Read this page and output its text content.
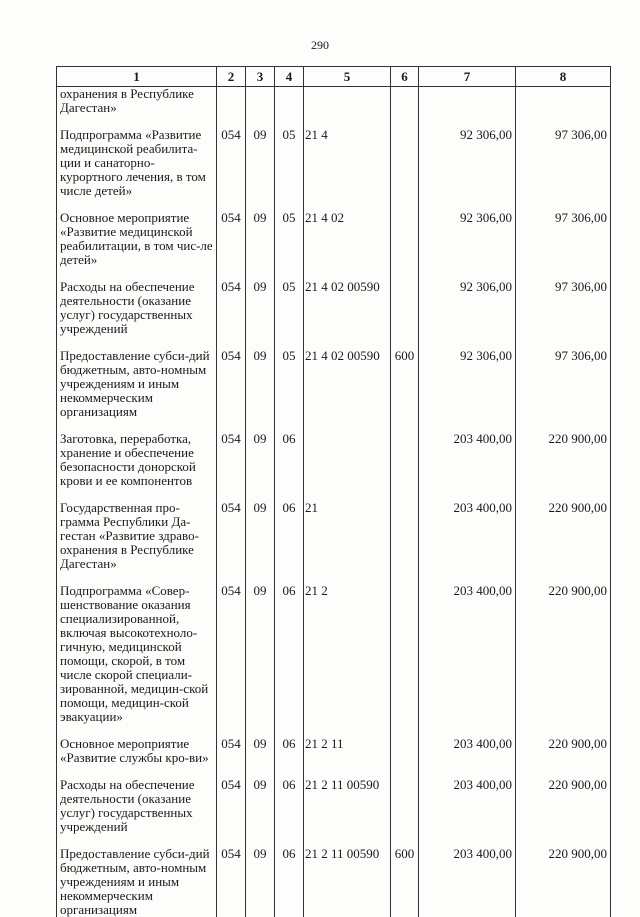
290
1	2	3	4	5	6	7	8
охранения в Республике Дагестан»							

Подпрограмма «Развитие медицинской реабилита-ции и санаторно-курортного лечения, в том числе детей»	054	09	05	21 4		92 306,00	97 306,00

Основное мероприятие «Развитие медицинской реабилитации, в том чис-ле детей»	054	09	05	21 4 02		92 306,00	97 306,00

Расходы на обеспечение деятельности (оказание услуг) государственных учреждений	054	09	05	21 4 02 00590		92 306,00	97 306,00

Предоставление субси-дий бюджетным, авто-номным учреждениям и иным некоммерческим организациям	054	09	05	21 4 02 00590	600	92 306,00	97 306,00

Заготовка, переработка, хранение и обеспечение безопасности донорской крови и ее компонентов	054	09	06			203 400,00	220 900,00

Государственная про-грамма Республики Да-гестан «Развитие здраво-охранения в Республике Дагестан»	054	09	06	21		203 400,00	220 900,00

Подпрограмма «Совер-шенствование оказания специализированной, включая высокотехноло-гичную, медицинской помощи, скорой, в том числе скорой специали-зированной, медицин-ской помощи, медицин-ской эвакуации»	054	09	06	21 2		203 400,00	220 900,00

Основное мероприятие «Развитие службы кро-ви»	054	09	06	21 2 11		203 400,00	220 900,00

Расходы на обеспечение деятельности (оказание услуг) государственных учреждений	054	09	06	21 2 11 00590		203 400,00	220 900,00

Предоставление субси-дий бюджетным, авто-номным учреждениям и иным некоммерческим организациям	054	09	06	21 2 11 00590	600	203 400,00	220 900,00
